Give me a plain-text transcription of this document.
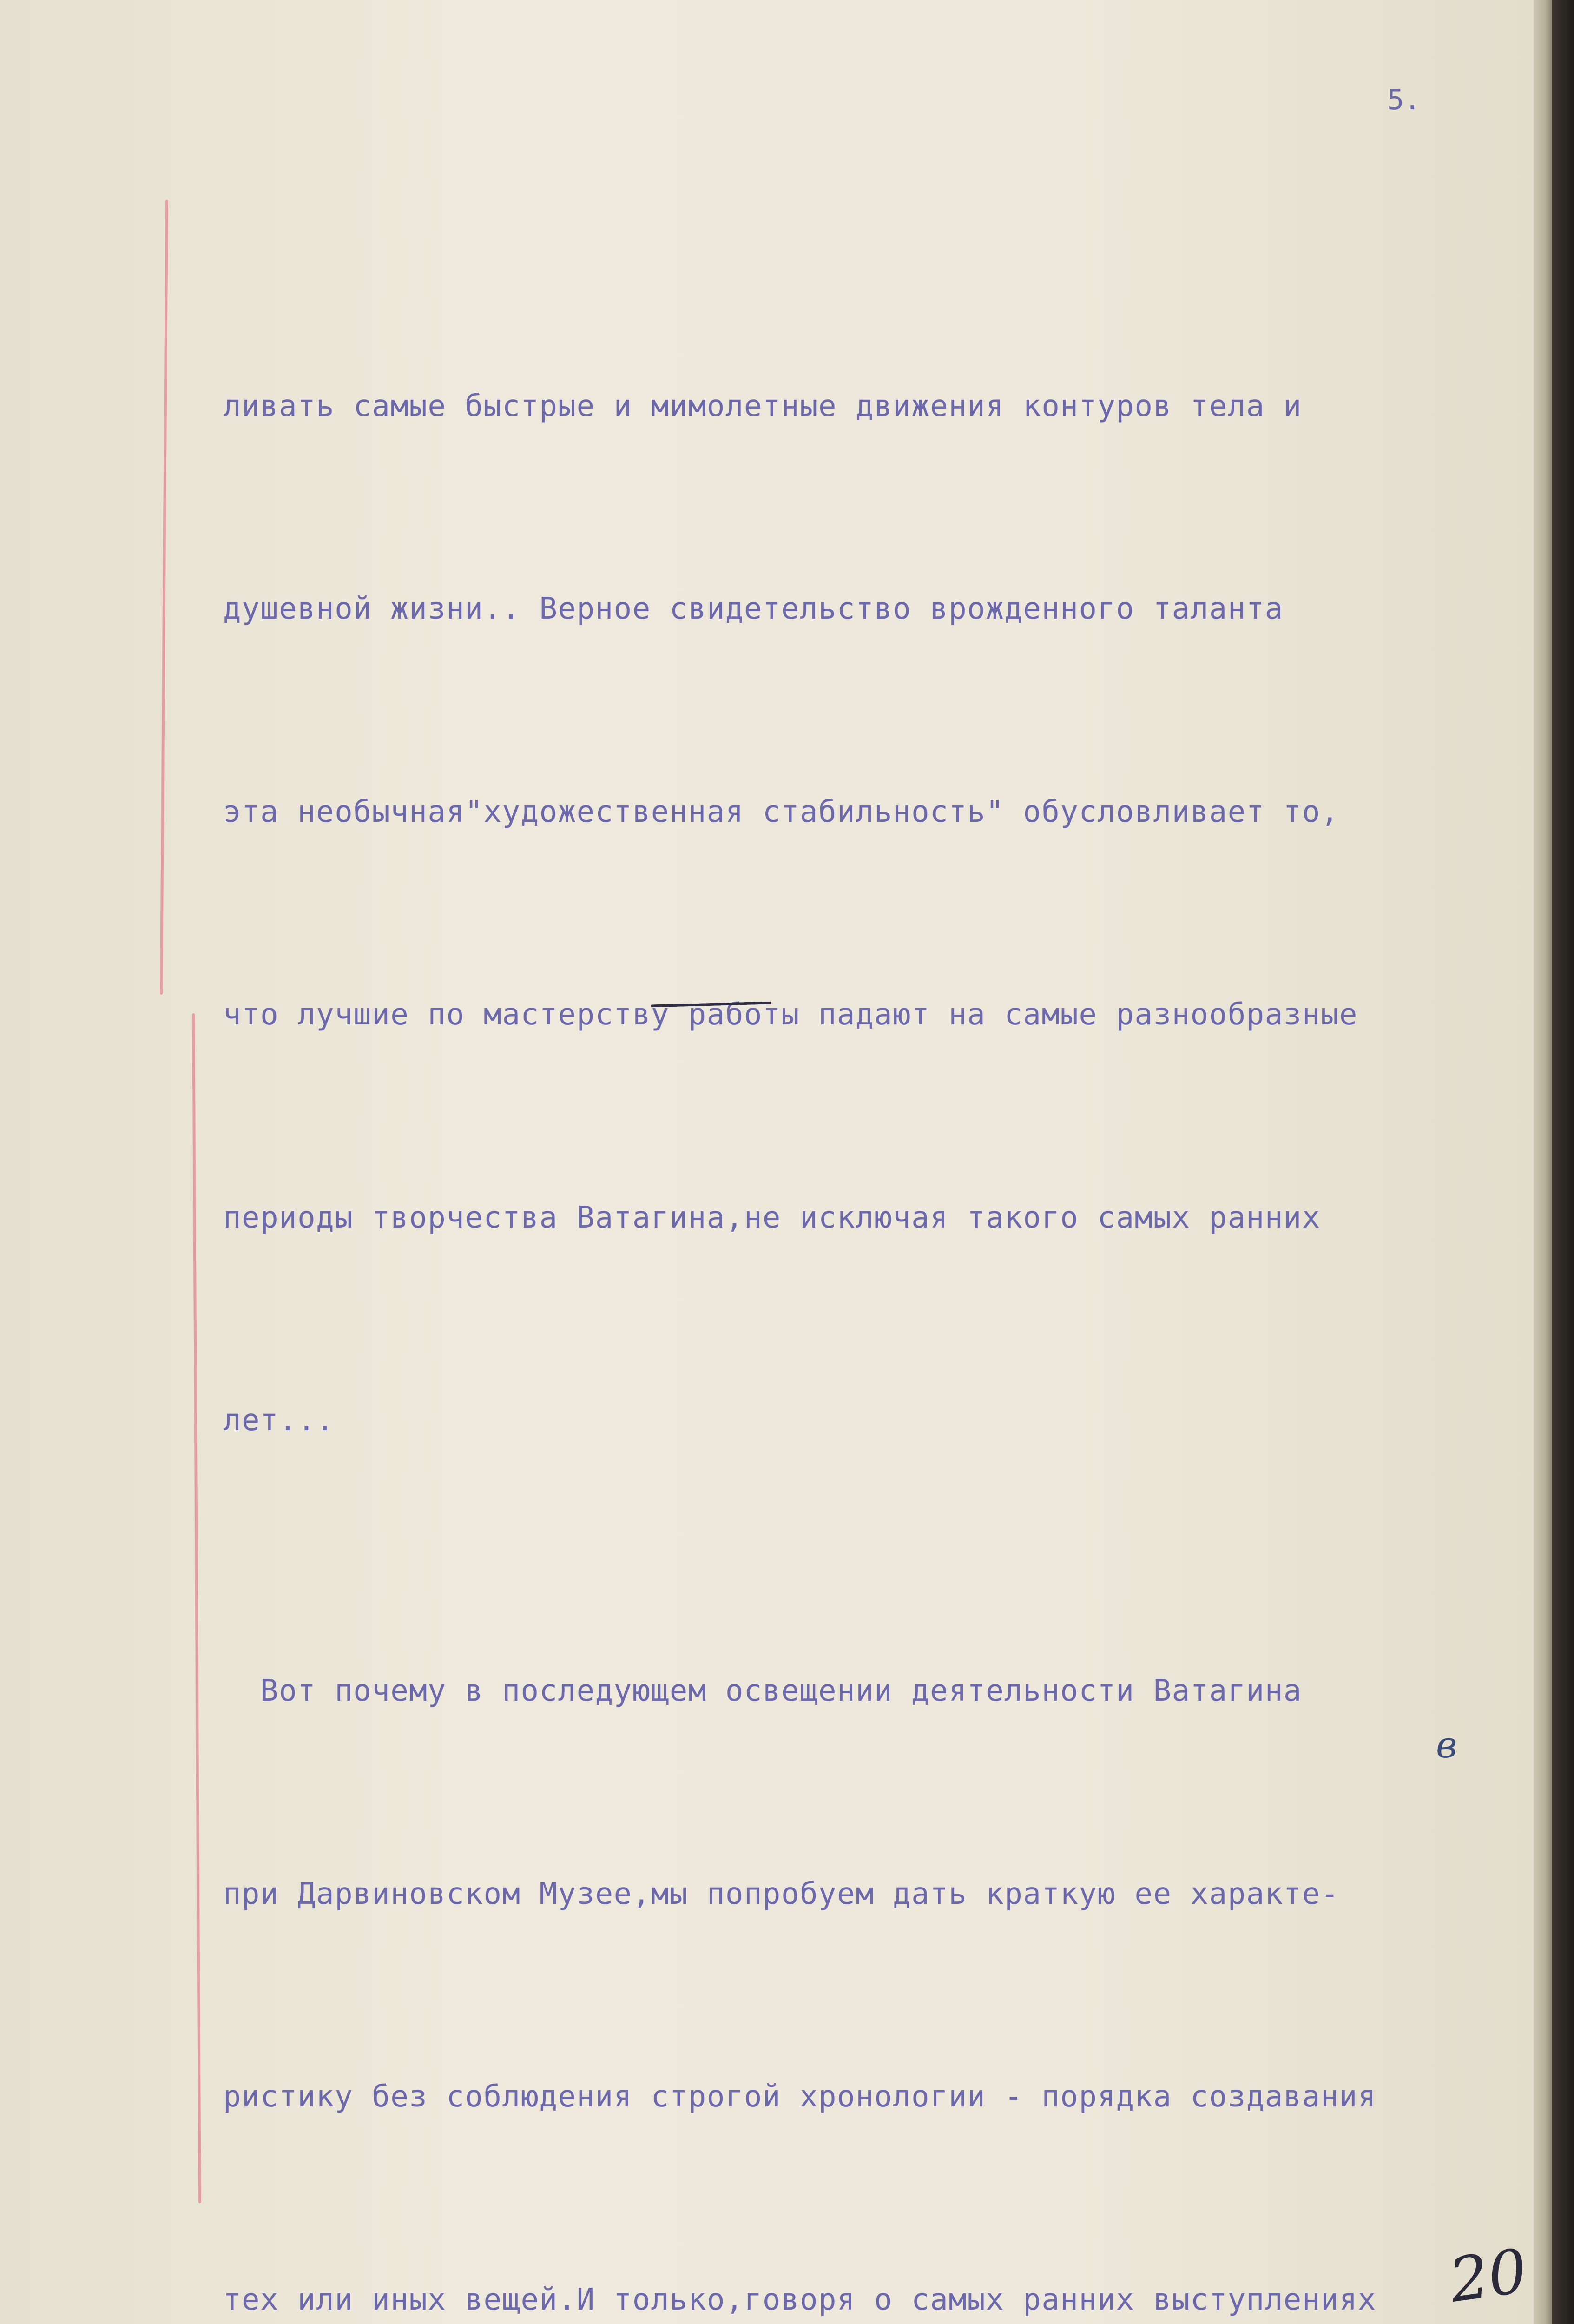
5.

ливать самые быстрые и мимолетные движения контуров тела и

душевной жизни.. Верное свидетельство врожденного таланта

эта необычная"художественная стабильность" обусловливает то,

что лучшие по мастерству работы падают на самые разнообразные

периоды творчества Ватагина,не исключая такого самых ранних

лет...

Вот почему в последующем освещении деятельности Ватагина

при Дарвиновском Музее,мы попробуем дать краткую ее характе-

ристику без соблюдения строгой хронологии - порядка создавания

тех или иных вещей.И только,говоря о самых ранних выступлениях

в
20
